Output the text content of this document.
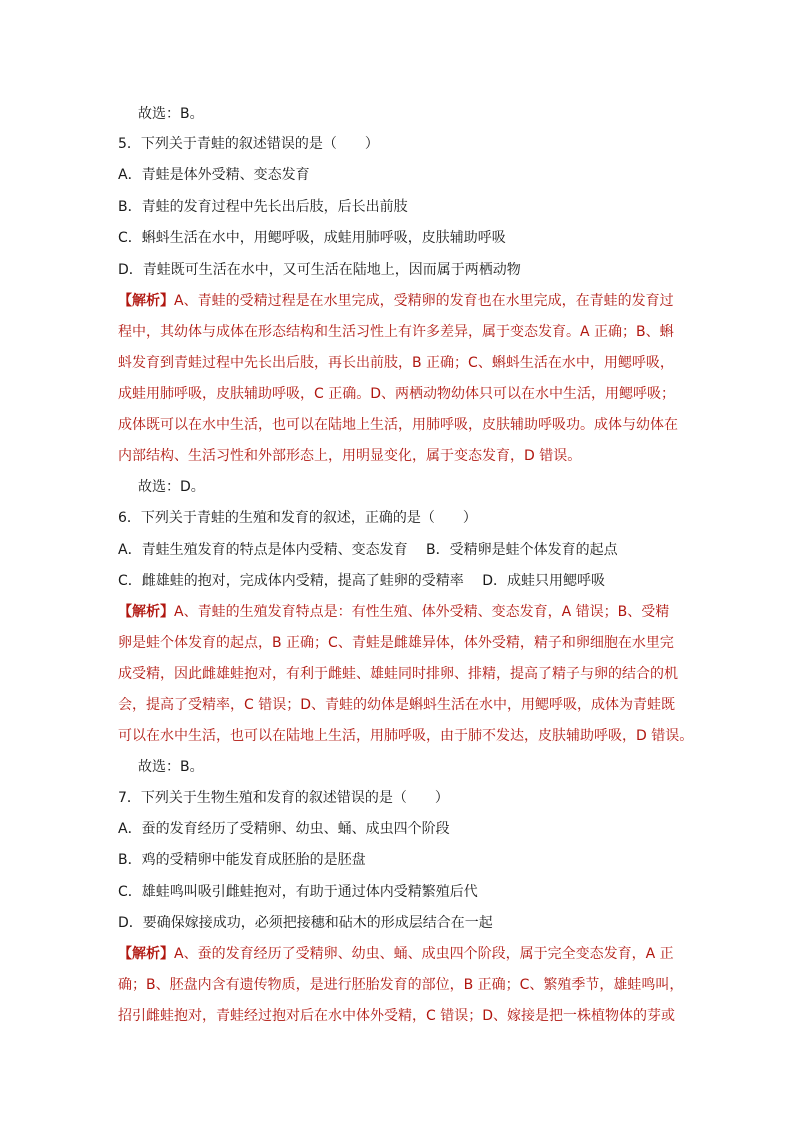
故选：B。
5．下列关于青蛙的叙述错误的是（　　）
A．青蛙是体外受精、变态发育
B．青蛙的发育过程中先长出后肢，后长出前肢
C．蝌蚪生活在水中，用鳃呼吸，成蛙用肺呼吸，皮肤辅助呼吸
D．青蛙既可生活在水中，又可生活在陆地上，因而属于两栖动物
【解析】A、青蛙的受精过程是在水里完成，受精卵的发育也在水里完成，在青蛙的发育过
程中，其幼体与成体在形态结构和生活习性上有许多差异，属于变态发育。A 正确；B、蝌
蚪发育到青蛙过程中先长出后肢，再长出前肢，B 正确；C、蝌蚪生活在水中，用鳃呼吸，
成蛙用肺呼吸，皮肤辅助呼吸，C 正确。D、两栖动物幼体只可以在水中生活，用鳃呼吸；
成体既可以在水中生活，也可以在陆地上生活，用肺呼吸，皮肤辅助呼吸功。成体与幼体在
内部结构、生活习性和外部形态上，用明显变化，属于变态发育，D 错误。
故选：D。
6．下列关于青蛙的生殖和发育的叙述，正确的是（　　）
A．青蛙生殖发育的特点是体内受精、变态发育　 B．受精卵是蛙个体发育的起点
C．雌雄蛙的抱对，完成体内受精，提高了蛙卵的受精率　 D．成蛙只用鳃呼吸
【解析】A、青蛙的生殖发育特点是：有性生殖、体外受精、变态发育，A 错误；B、受精
卵是蛙个体发育的起点，B 正确；C、青蛙是雌雄异体，体外受精，精子和卵细胞在水里完
成受精，因此雌雄蛙抱对，有利于雌蛙、雄蛙同时排卵、排精，提高了精子与卵的结合的机
会，提高了受精率，C 错误；D、青蛙的幼体是蝌蚪生活在水中，用鳃呼吸，成体为青蛙既
可以在水中生活，也可以在陆地上生活，用肺呼吸，由于肺不发达，皮肤辅助呼吸，D 错误。
故选：B。
7．下列关于生物生殖和发育的叙述错误的是（　　）
A．蚕的发育经历了受精卵、幼虫、蛹、成虫四个阶段
B．鸡的受精卵中能发育成胚胎的是胚盘
C．雄蛙鸣叫吸引雌蛙抱对，有助于通过体内受精繁殖后代
D．要确保嫁接成功，必须把接穗和砧木的形成层结合在一起
【解析】A、蚕的发育经历了受精卵、幼虫、蛹、成虫四个阶段，属于完全变态发育，A 正
确；B、胚盘内含有遗传物质，是进行胚胎发育的部位，B 正确；C、繁殖季节，雄蛙鸣叫，
招引雌蛙抱对，青蛙经过抱对后在水中体外受精，C 错误；D、嫁接是把一株植物体的芽或
